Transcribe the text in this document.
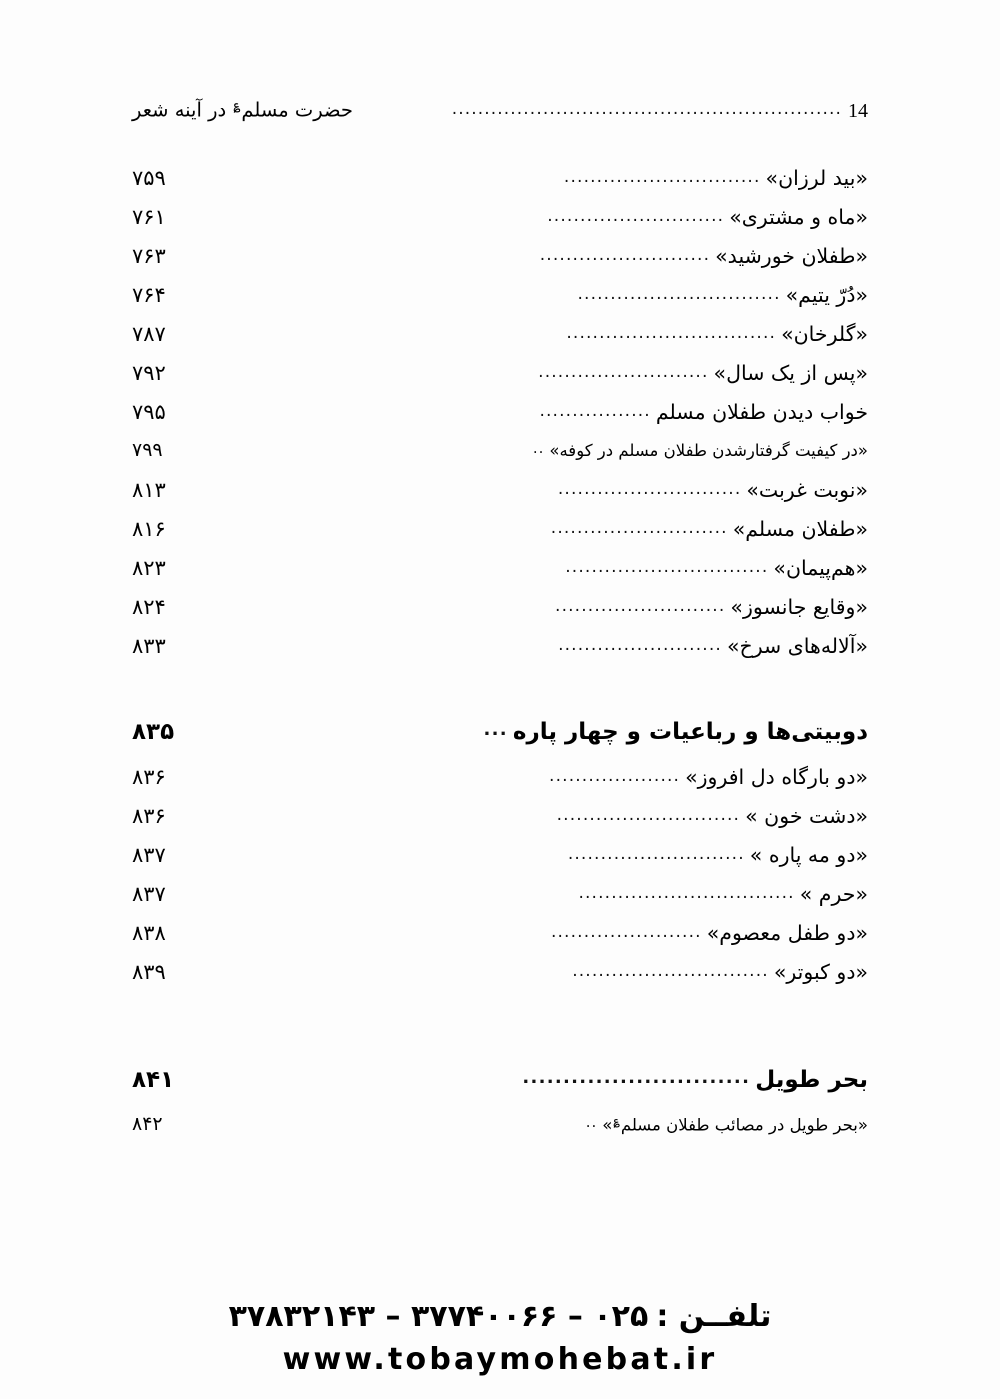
حضرت مسلم؏ در آینه شعر	............................................................ 14
«بید لرزان»
..............................
۷۵۹
«ماه و مشتری»
...........................
۷۶۱
«طفلان خورشید»
..........................
۷۶۳
«دُرّ یتیم»
...............................
۷۶۴
«گلرخان»
................................
۷۸۷
«پس از یک سال»
..........................
۷۹۲
خواب دیدن طفلان مسلم
.................
۷۹۵
«در کیفیت گرفتارشدن طفلان مسلم در کوفه»
..
۷۹۹
«نوبت غربت»
............................
۸۱۳
«طفلان مسلم»
...........................
۸۱۶
«هم‌پیمان»
...............................
۸۲۳
«وقایع جانسوز»
..........................
۸۲۴
«آلاله‌های سرخ»
.........................
۸۳۳
دوبیتی‌ها و رباعیات و چهار پاره
...
۸۳۵
«دو بارگاه دل افروز»
....................
۸۳۶
«دشت خون »
............................
۸۳۶
«دو مه پاره »
...........................
۸۳۷
«حرم »
.................................
۸۳۷
«دو طفل معصوم»
.......................
۸۳۸
«دو کبوتر»
..............................
۸۳۹
بحر طویل
............................
۸۴۱
«بحر طویل در مصائب طفلان مسلم؏»
..
۸۴۲
تلفــن :۰۲۵ – ۳۷۷۴۰۰۶۶ – ۳۷۸۳۲۱۴۳
www.tobaymohebat.ir
